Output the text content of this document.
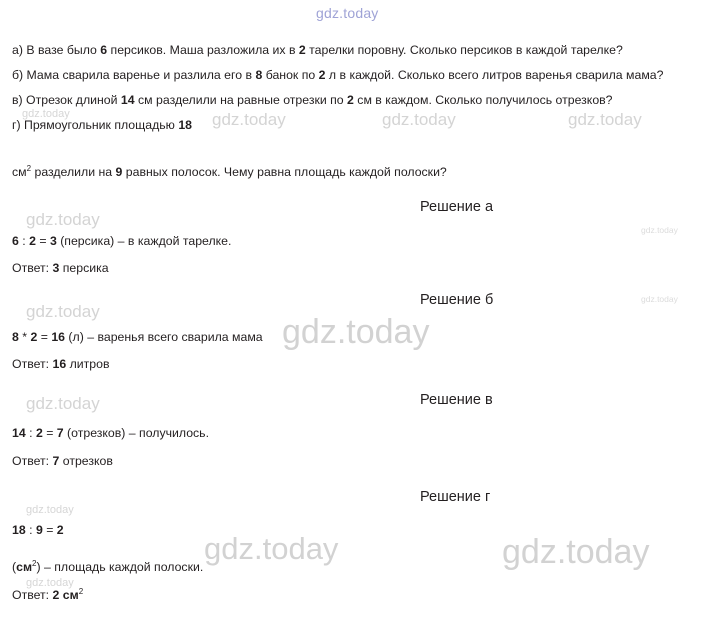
gdz.today
а) В вазе было 6 персиков. Маша разложила их в 2 тарелки поровну. Сколько персиков в каждой тарелке?
б) Мама сварила варенье и разлила его в 8 банок по 2 л в каждой. Сколько всего литров варенья сварила мама?
в) Отрезок длиной 14 см разделили на равные отрезки по 2 см в каждом. Сколько получилось отрезков?
г) Прямоугольник площадью 18
$см^2$ разделили на 9 равных полосок. Чему равна площадь каждой полоски?
Решение а
6 : 2 = 3 (персика) – в каждой тарелке.
Ответ: 3 персика
Решение б
8 * 2 = 16 (л) – варенья всего сварила мама
Ответ: 16 литров
Решение в
14 : 2 = 7 (отрезков) – получилось.
Ответ: 7 отрезков
Решение г
18 : 9 = 2
$(см^2)$ – площадь каждой полоски.
Ответ: 2 $см^2$
gdz.today	gdz.today	gdz.today	gdz.today
gdz.today
gdz.today
gdz.today
gdz.today
gdz.today
gdz.today
gdz.today
gdz.today	gdz.today
gdz.today
